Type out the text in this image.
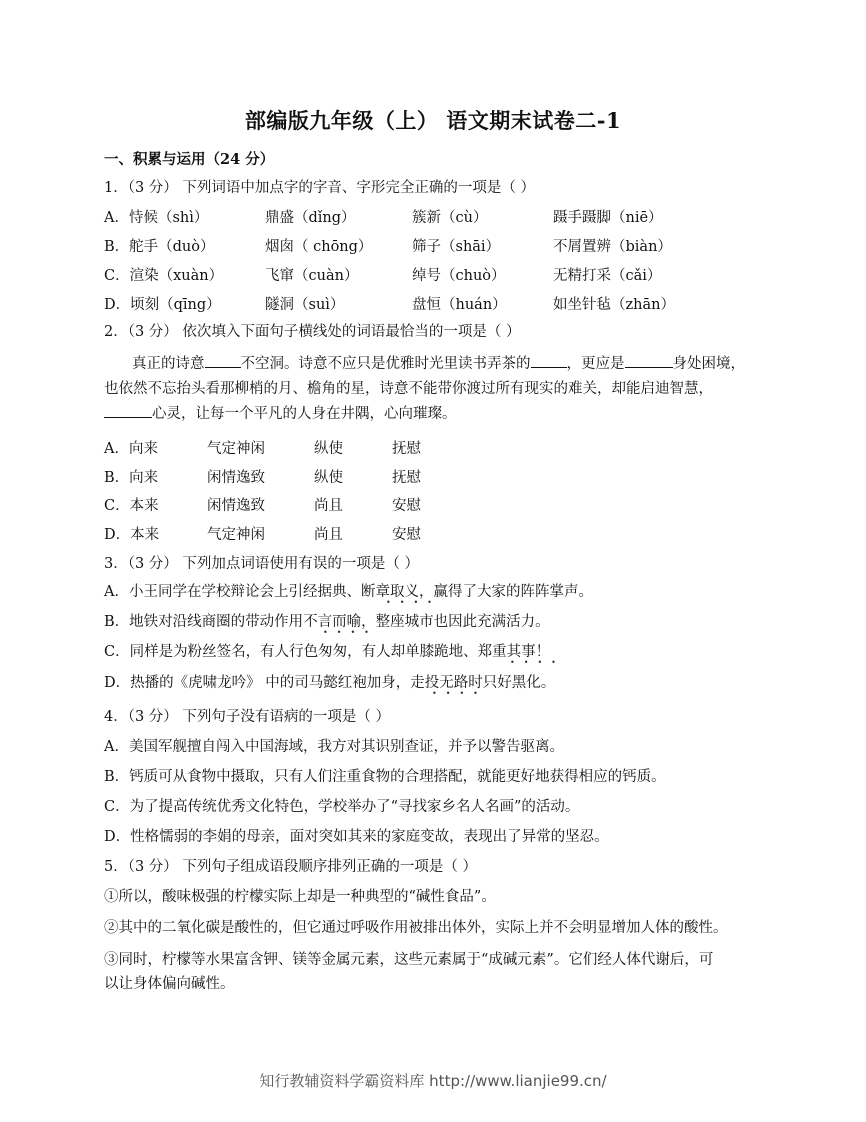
部编版九年级（上） 语文期末试卷二-1
一、积累与运用（24 分）
1．（3 分） 下列词语中加点字的字音、字形完全正确的一项是（ ）
A．恃候（shì）	鼎盛（dǐng）	簇新（cù）	蹑手蹑脚（niē）
B．舵手（duò）	烟囱（ chōng）	筛子（shāi）	不屑置辨（biàn）
C．渲染（xuàn）	飞窜（cuàn）	绰号（chuò）	无精打采（cǎi）
D．顷刻（qīng）	隧洞（suì）	盘恒（huán）	如坐针毡（zhān）
2．（3 分） 依次填入下面句子横线处的词语最恰当的一项是（ ）
真正的诗意 不空洞。诗意不应只是优雅时光里读书弄茶的 ，更应是	身处困境，
也依然不忘抬头看那柳梢的月、檐角的星，诗意不能带你渡过所有现实的难关，却能启迪智慧，
心灵，让每一个平凡的人身在井隅，心向璀璨。
A．向来	气定神闲	纵使	抚慰
B．向来	闲情逸致	纵使	抚慰
C．本来	闲情逸致	尚且	安慰
D．本来	气定神闲	尚且	安慰
3．（3 分） 下列加点词语使用有误的一项是（ ）
A．小王同学在学校辩论会上引经据典、断章取义，赢得了大家的阵阵掌声。
B．地铁对沿线商圈的带动作用不言而喻，整座城市也因此充满活力。
C．同样是为粉丝签名，有人行色匆匆，有人却单膝跪地、郑重其事！
D．热播的《虎啸龙吟》 中的司马懿红袍加身，走投无路时只好黑化。
••••
••••
••••
••••
4．（3 分） 下列句子没有语病的一项是（ ）
A．美国军舰擅自闯入中国海域，我方对其识别查证，并予以警告驱离。
B．钙质可从食物中摄取，只有人们注重食物的合理搭配，就能更好地获得相应的钙质。
C．为了提高传统优秀文化特色，学校举办了“寻找家乡名人名画”的活动。
D．性格懦弱的李娟的母亲，面对突如其来的家庭变故，表现出了异常的坚忍。
5．（3 分） 下列句子组成语段顺序排列正确的一项是（ ）
①所以，酸味极强的柠檬实际上却是一种典型的“碱性食品”。
②其中的二氧化碳是酸性的，但它通过呼吸作用被排出体外，实际上并不会明显增加人体的酸性。
③同时，柠檬等水果富含钾、镁等金属元素，这些元素属于“成碱元素”。它们经人体代谢后，可
以让身体偏向碱性。
知行教辅资料学霸资料库 http://www.lianjie99.cn/
